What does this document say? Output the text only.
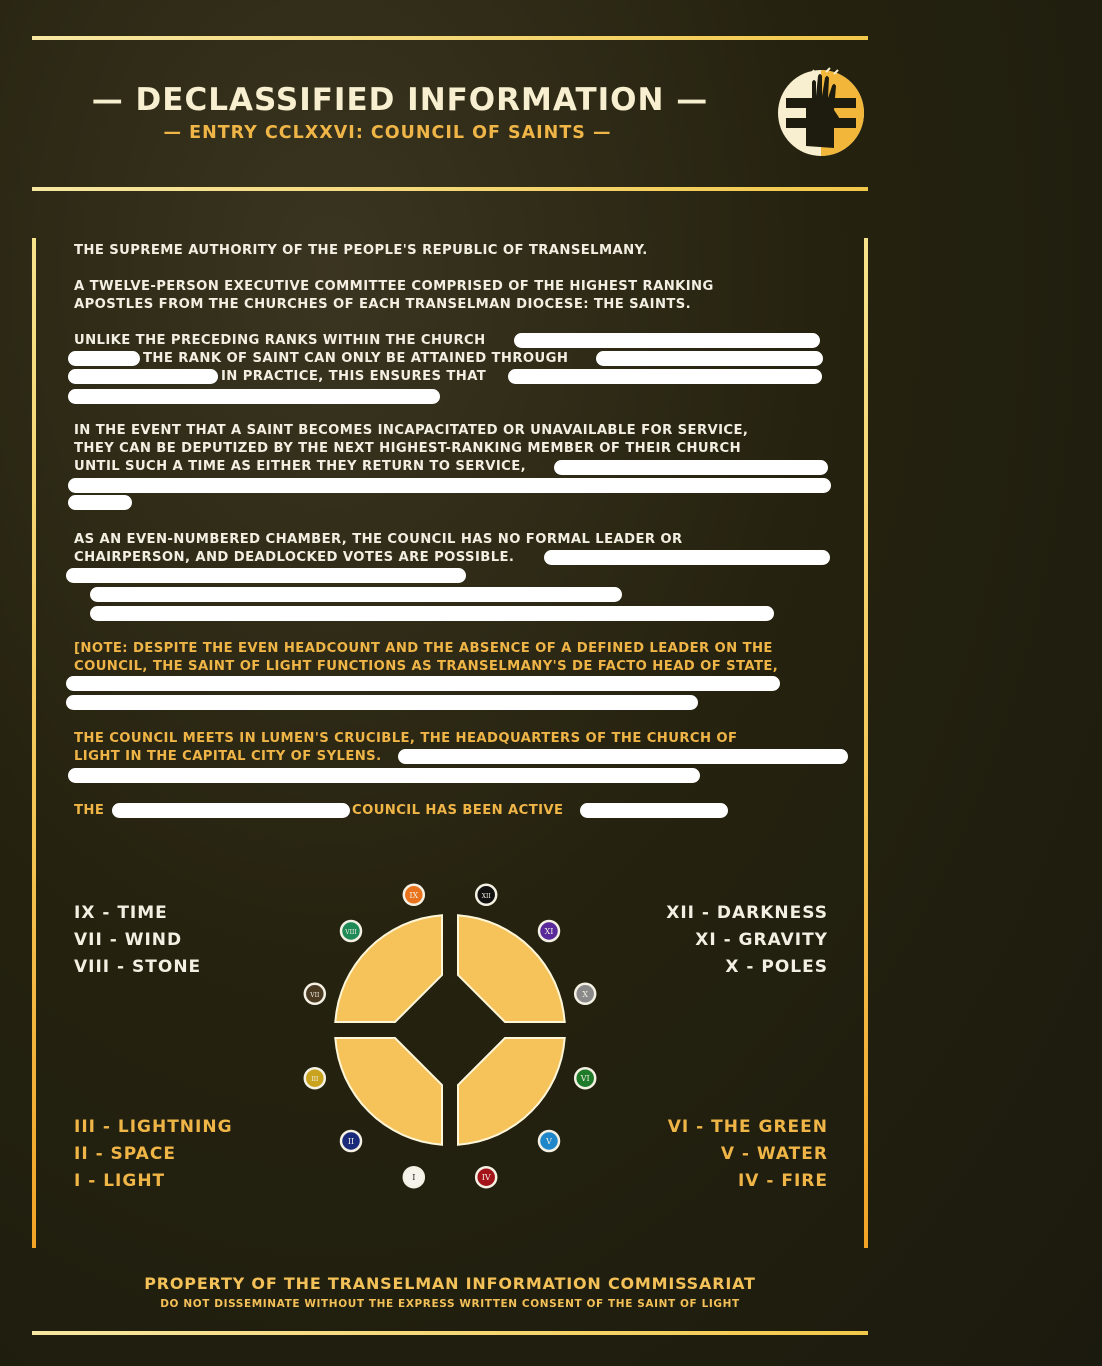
— DECLASSIFIED INFORMATION —
— ENTRY CCLXXVI: COUNCIL OF SAINTS —
THE SUPREME AUTHORITY OF THE PEOPLE'S REPUBLIC OF TRANSELMANY.
A TWELVE-PERSON EXECUTIVE COMMITTEE COMPRISED OF THE HIGHEST RANKING
APOSTLES FROM THE CHURCHES OF EACH TRANSELMAN DIOCESE: THE SAINTS.
UNLIKE THE PRECEDING RANKS WITHIN THE CHURCH
THE RANK OF SAINT CAN ONLY BE ATTAINED THROUGH
IN PRACTICE, THIS ENSURES THAT
IN THE EVENT THAT A SAINT BECOMES INCAPACITATED OR UNAVAILABLE FOR SERVICE,
THEY CAN BE DEPUTIZED BY THE NEXT HIGHEST-RANKING MEMBER OF THEIR CHURCH
UNTIL SUCH A TIME AS EITHER THEY RETURN TO SERVICE,
AS AN EVEN-NUMBERED CHAMBER, THE COUNCIL HAS NO FORMAL LEADER OR
CHAIRPERSON, AND DEADLOCKED VOTES ARE POSSIBLE.
[NOTE: DESPITE THE EVEN HEADCOUNT AND THE ABSENCE OF A DEFINED LEADER ON THE
COUNCIL, THE SAINT OF LIGHT FUNCTIONS AS TRANSELMANY'S DE FACTO HEAD OF STATE,
THE COUNCIL MEETS IN LUMEN'S CRUCIBLE, THE HEADQUARTERS OF THE CHURCH OF
LIGHT IN THE CAPITAL CITY OF SYLENS.
THE	COUNCIL HAS BEEN ACTIVE
IX - TIME
VII - WIND
VIII - STONE
XII - DARKNESS
XI - GRAVITY
X - POLES
III - LIGHTNING
II - SPACE
I - LIGHT
VI - THE GREEN
V - WATER
IV - FIRE
IX	XII
VIII	XI
VII	X
III	VI
II	V
I	IV
PROPERTY OF THE TRANSELMAN INFORMATION COMMISSARIAT
DO NOT DISSEMINATE WITHOUT THE EXPRESS WRITTEN CONSENT OF THE SAINT OF LIGHT
